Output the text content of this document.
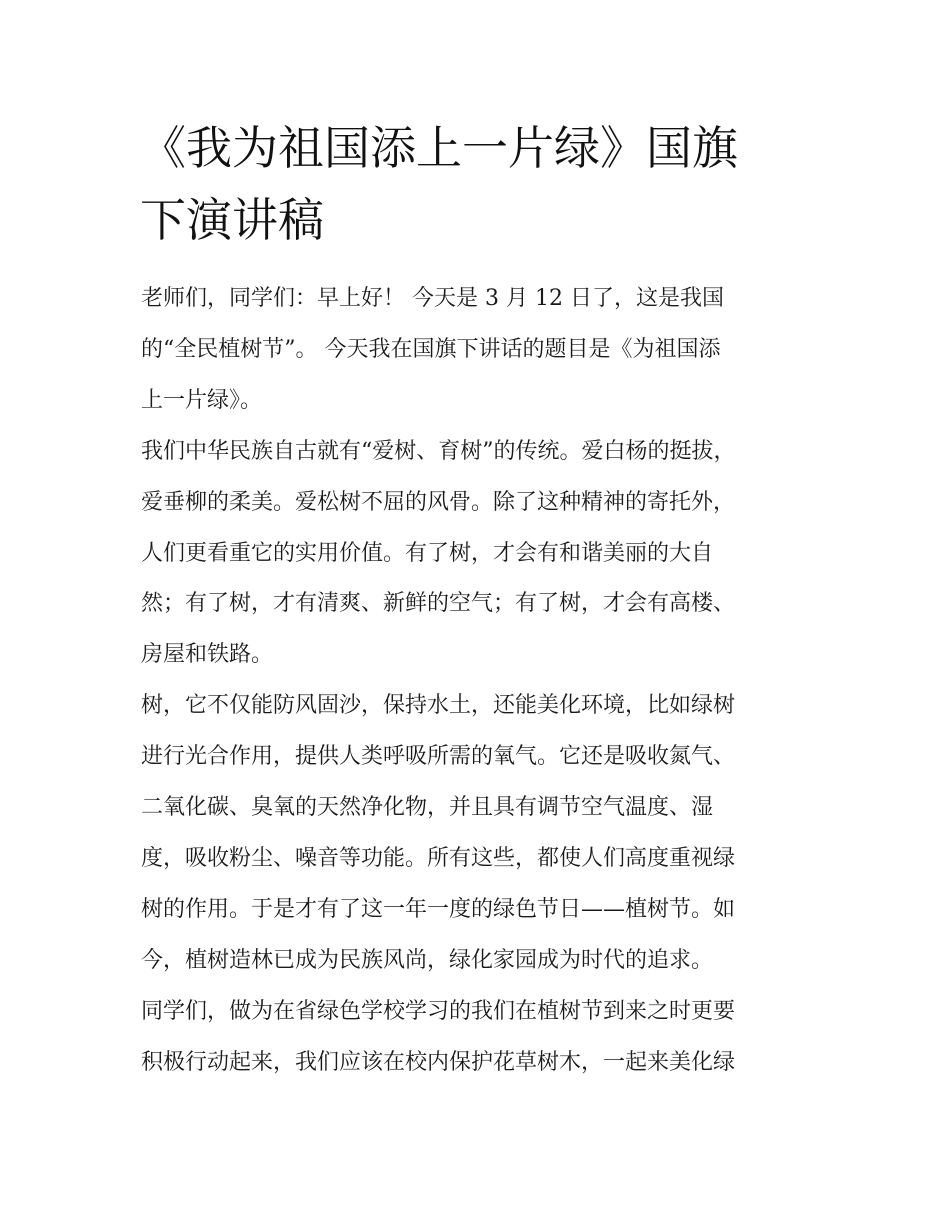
《我为祖国添上一片绿》国旗
下演讲稿

老师们，同学们：早上好！ 今天是 3 月 12 日了，这是我国
的“全民植树节”。 今天我在国旗下讲话的题目是《为祖国添
上一片绿》。

我们中华民族自古就有“爱树、育树”的传统。爱白杨的挺拔，
爱垂柳的柔美。爱松树不屈的风骨。除了这种精神的寄托外，
人们更看重它的实用价值。有了树，才会有和谐美丽的大自
然；有了树，才有清爽、新鲜的空气；有了树，才会有高楼、
房屋和铁路。

树，它不仅能防风固沙，保持水土，还能美化环境，比如绿树
进行光合作用，提供人类呼吸所需的氧气。它还是吸收氮气、
二氧化碳、臭氧的天然净化物，并且具有调节空气温度、湿
度，吸收粉尘、噪音等功能。所有这些，都使人们高度重视绿
树的作用。于是才有了这一年一度的绿色节日——植树节。如
今，植树造林已成为民族风尚，绿化家园成为时代的追求。

同学们，做为在省绿色学校学习的我们在植树节到来之时更要
积极行动起来，我们应该在校内保护花草树木，一起来美化绿
